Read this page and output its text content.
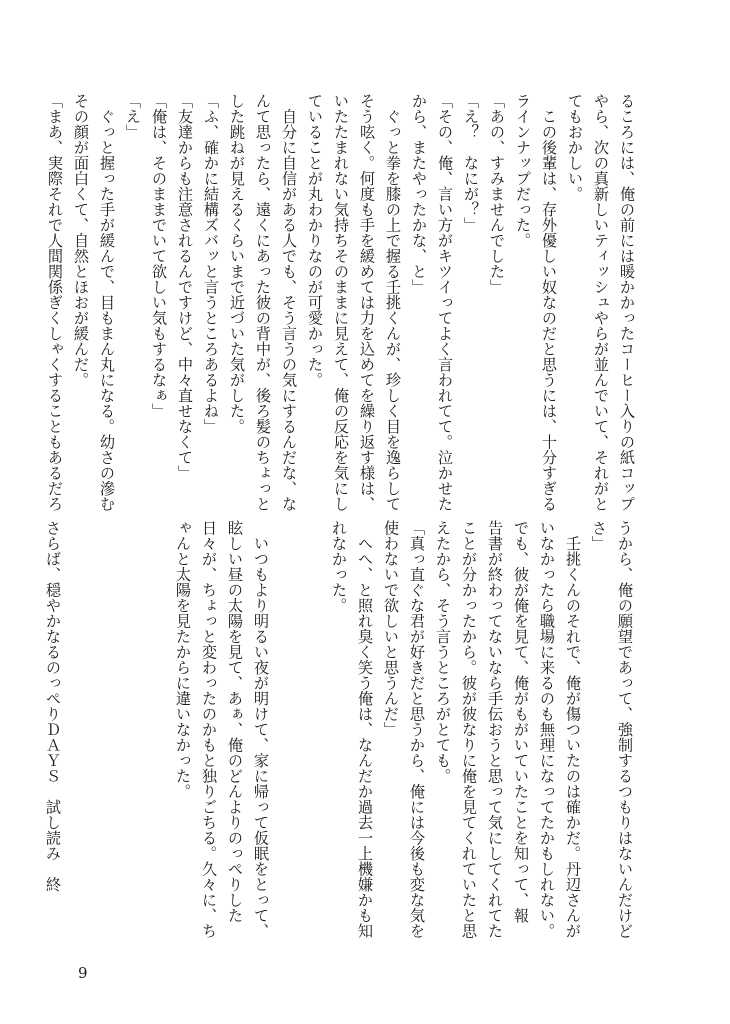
るころには、俺の前には暖かかったコーヒー入りの紙コップ

やら、次の真新しいティッシュやらが並んでいて、それがと

てもおかしい。

　この後輩は、存外優しい奴なのだと思うには、十分すぎる

ラインナップだった。

「あの、すみませんでした」

「え？　なにが？」

「その、俺、言い方がキツイってよく言われてて。泣かせた

から、またやったかな、と」

　ぐっと拳を膝の上で握る壬挑くんが、珍しく目を逸らして

そう呟く。何度も手を緩めては力を込めてを繰り返す様は、

いたたまれない気持ちそのままに見えて、俺の反応を気にし

ていることが丸わかりなのが可愛かった。

　自分に自信がある人でも、そう言うの気にするんだな、な

んて思ったら、遠くにあった彼の背中が、後ろ髪のちょっと

した跳ねが見えるくらいまで近づいた気がした。

「ふ、確かに結構ズバッと言うところあるよね」

「友達からも注意されるんですけど、中々直せなくて」

「俺は、そのままでいて欲しい気もするなぁ」

「え」

　ぐっと握った手が緩んで、目もまん丸になる。幼さの滲む

その顔が面白くて、自然とほおが緩んだ。

「まあ、実際それで人間関係ぎくしゃくすることもあるだろ

うから、俺の願望であって、強制するつもりはないんだけど

さ」

　壬挑くんのそれで、俺が傷ついたのは確かだ。丹辺さんが

いなかったら職場に来るのも無理になってたかもしれない。

でも、彼が俺を見て、俺がもがいていたことを知って、報

告書が終わってないなら手伝おうと思って気にしてくれてた

ことが分かったから。彼が彼なりに俺を見てくれていたと思

えたから、そう言うところがとても。

「真っ直ぐな君が好きだと思うから、俺には今後も変な気を

使わないで欲しいと思うんだ」

　へへ、と照れ臭く笑う俺は、なんだか過去一上機嫌かも知

れなかった。

　いつもより明るい夜が明けて、家に帰って仮眠をとって、

眩しい昼の太陽を見て、あぁ、俺のどんよりのっぺりした

日々が、ちょっと変わったのかもと独りごちる。久々に、ち

ゃんと太陽を見たからに違いなかった。

さらば、穏やかなるのっぺりＤＡＹＳ　試し読み　終

9
